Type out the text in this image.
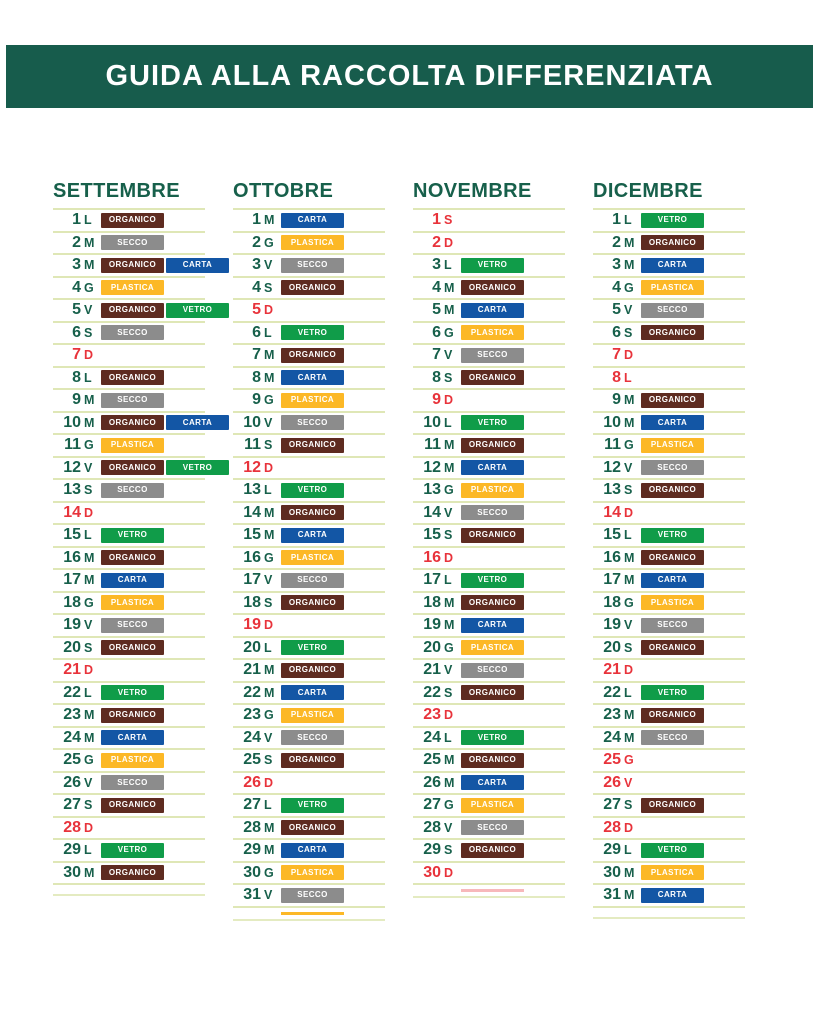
GUIDA ALLA RACCOLTA DIFFERENZIATA
SETTEMBRE
1 L	ORGANICO
2 M	SECCO
3 M	ORGANICO	CARTA
4 G	PLASTICA
5 V	ORGANICO	VETRO
6 S	SECCO
7 D
8 L	ORGANICO
9 M	SECCO
10 M	ORGANICO	CARTA
11 G	PLASTICA
12 V	ORGANICO	VETRO
13 S	SECCO
14 D
15 L	VETRO
16 M	ORGANICO
17 M	CARTA
18 G	PLASTICA
19 V	SECCO
20 S	ORGANICO
21 D
22 L	VETRO
23 M	ORGANICO
24 M	CARTA
25 G	PLASTICA
26 V	SECCO
27 S	ORGANICO
28 D
29 L	VETRO
30 M	ORGANICO
OTTOBRE
1 M	CARTA
2 G	PLASTICA
3 V	SECCO
4 S	ORGANICO
5 D
6 L	VETRO
7 M	ORGANICO
8 M	CARTA
9 G	PLASTICA
10 V	SECCO
11 S	ORGANICO
12 D
13 L	VETRO
14 M	ORGANICO
15 M	CARTA
16 G	PLASTICA
17 V	SECCO
18 S	ORGANICO
19 D
20 L	VETRO
21 M	ORGANICO
22 M	CARTA
23 G	PLASTICA
24 V	SECCO
25 S	ORGANICO
26 D
27 L	VETRO
28 M	ORGANICO
29 M	CARTA
30 G	PLASTICA
31 V	SECCO
NOVEMBRE
1 S
2 D
3 L	VETRO
4 M	ORGANICO
5 M	CARTA
6 G	PLASTICA
7 V	SECCO
8 S	ORGANICO
9 D
10 L	VETRO
11 M	ORGANICO
12 M	CARTA
13 G	PLASTICA
14 V	SECCO
15 S	ORGANICO
16 D
17 L	VETRO
18 M	ORGANICO
19 M	CARTA
20 G	PLASTICA
21 V	SECCO
22 S	ORGANICO
23 D
24 L	VETRO
25 M	ORGANICO
26 M	CARTA
27 G	PLASTICA
28 V	SECCO
29 S	ORGANICO
30 D
DICEMBRE
1 L	VETRO
2 M	ORGANICO
3 M	CARTA
4 G	PLASTICA
5 V	SECCO
6 S	ORGANICO
7 D
8 L
9 M	ORGANICO
10 M	CARTA
11 G	PLASTICA
12 V	SECCO
13 S	ORGANICO
14 D
15 L	VETRO
16 M	ORGANICO
17 M	CARTA
18 G	PLASTICA
19 V	SECCO
20 S	ORGANICO
21 D
22 L	VETRO
23 M	ORGANICO
24 M	SECCO
25 G
26 V
27 S	ORGANICO
28 D
29 L	VETRO
30 M	PLASTICA
31 M	CARTA
